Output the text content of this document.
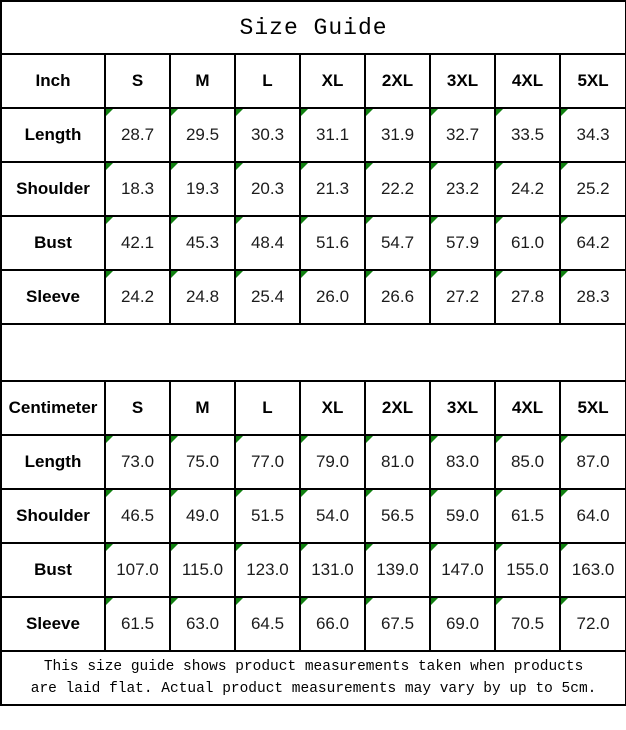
Size Guide								
Inch	S	M	L	XL	2XL	3XL	4XL	5XL
Length	28.7	29.5	30.3	31.1	31.9	32.7	33.5	34.3
Shoulder	18.3	19.3	20.3	21.3	22.2	23.2	24.2	25.2
Bust	42.1	45.3	48.4	51.6	54.7	57.9	61.0	64.2
Sleeve	24.2	24.8	25.4	26.0	26.6	27.2	27.8	28.3

Centimeter	S	M	L	XL	2XL	3XL	4XL	5XL
Length	73.0	75.0	77.0	79.0	81.0	83.0	85.0	87.0
Shoulder	46.5	49.0	51.5	54.0	56.5	59.0	61.5	64.0
Bust	107.0	115.0	123.0	131.0	139.0	147.0	155.0	163.0
Sleeve	61.5	63.0	64.5	66.0	67.5	69.0	70.5	72.0

This size guide shows product measurements taken when products
are laid flat. Actual product measurements may vary by up to 5cm.								
